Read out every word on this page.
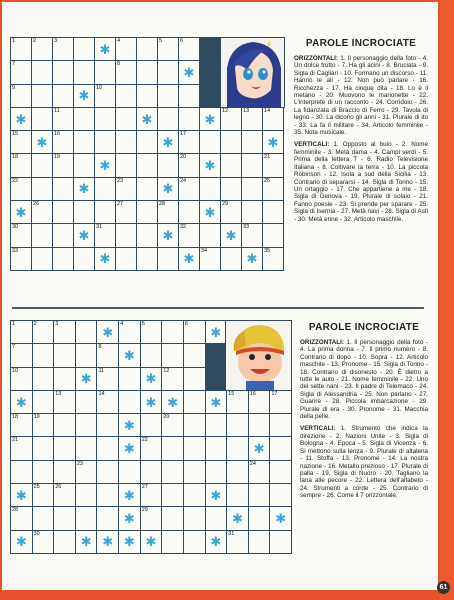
1	2	3 ✱	4	5	6
7	8
✱
9 ✱	10
✱
11 ✱ ✱	12	13	14
15 ✱	16 ✱	17
✱
18	19 ✱	20 ✱	21
22 ✱	23 ✱	24	25
✱
26	27	28 ✱	29
30 ✱	31 ✱	32 ✱	33
33 ✱ ✱	34 ✱	35
PAROLE INCROCIATE

ORIZZONTALI: 1. Il personaggio della foto - 4. Un dolce frutto - 7. Ha gli acini - 8. Bruciata - 9. Sigla di Cagliari - 10. Formano un discorso - 11. Hanno le ali - 12. Non può parlare - 16. Ricchezza - 17. Ha cinque dita - 18. Lo è il metano - 20. Muovono le marionette - 22. L'interprete di un racconto - 24. Corridoio - 26. La fidanzata di Braccio di Ferro - 29. Tavola di legno - 30. La dicono gli anni - 31. Plurale di ito - 33. La fa il militare - 34. Articolo femminile - 35. Nota musicale.

VERTICALI: 1. Opposto al buio - 2. Nome femminile - 3. Metà dama - 4. Campi verdi - 5. Prima della lettera T - 6. Radio Televisione Italiana - 8. Coltivare la terra - 10. La piccola Robinson - 12. Isola a sud della Sicilia - 13. Contrario di separarsi - 14. Sigla di Torino - 15. Un ortaggio - 17. Che appartiene a me - 18. Sigla di Genova - 19. Plurale di solaio - 21. Fanno poesie - 23. Si prende per sparare - 25. Sigla di Isernia - 27. Metà navi - 28. Sigla di Asti - 30. Metà enne - 32. Articolo maschile.

1	2	3 ✱	4	5	6
✱
7	8
✱
10 ✱	11 ✱	12
✱
13	14 ✱ ✱ ✱	15	16	17
18	19 ✱	20
21 ✱	22
✱
23	24
✱
25	26 ✱	27
✱
28 ✱	29
✱
✱
✱
30 ✱ ✱ ✱ ✱ ✱	31
PAROLE INCROCIATE

ORIZZONTALI: 1. Il personaggio della foto - 4. La prima donna - 7. Il primo numero - 8. Contrario di dopo - 10. Sopra - 12. Articolo maschile - 13. Pronome - 15. Sigla di Torino - 18. Contrario di disonesto - 20. È dietro a tutte le auto - 21. Nome femminile - 22. Uno dei sette nani - 23. Il padre di Telemaco - 24. Sigla di Alessandria - 25. Non parlano - 27. Guarire - 28. Piccola imbarcazione - 29. Plurale di era - 30. Pronome - 31. Macchia della pelle.

VERTICALI: 1. Strumento che indica la direzione - 2. Nazioni Unite - 3. Sigla di Bologna - 4. Epoca - 5. Sigla di Vicenza - 6. Si mettono sulla lenza - 9. Plurale di altalena - 11. Stoffa - 13. Pronome - 14. La nostra nazione - 16. Metallo prezioso - 17. Plurale di palla - 19. Sigla di Nuoro - 20. Tagliano la lana alle pecore - 22. Lettera dell'alfabeto - 24. Strumenti a corde - 25. Contrario di sempre - 26. Come il 7 orizzontale.

61
